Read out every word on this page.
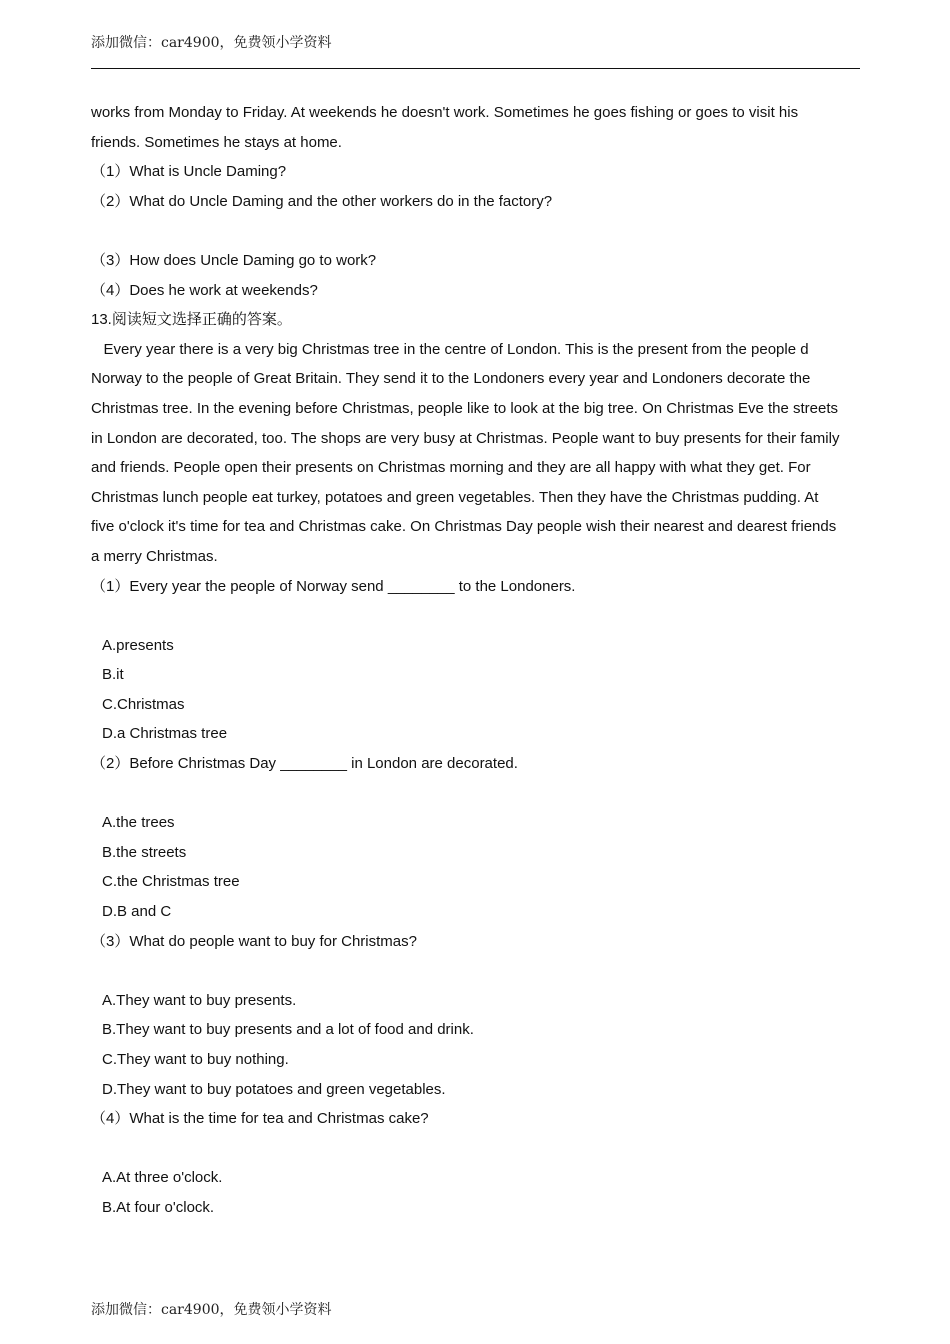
添加微信：car4900，免费领小学资料
works from Monday to Friday. At weekends he doesn't work. Sometimes he goes fishing or goes to visit his
friends. Sometimes he stays at home.
（1）What is Uncle Daming?
（2）What do Uncle Daming and the other workers do in the factory?
（3）How does Uncle Daming go to work?
（4）Does he work at weekends?
13.阅读短文选择正确的答案。
Every year there is a very big Christmas tree in the centre of London. This is the present from the people d
Norway to the people of Great Britain. They send it to the Londoners every year and Londoners decorate the
Christmas tree. In the evening before Christmas, people like to look at the big tree. On Christmas Eve the streets
in London are decorated, too. The shops are very busy at Christmas. People want to buy presents for their family
and friends. People open their presents on Christmas morning and they are all happy with what they get. For
Christmas lunch people eat turkey, potatoes and green vegetables. Then they have the Christmas pudding. At
five o'clock it's time for tea and Christmas cake. On Christmas Day people wish their nearest and dearest friends
a merry Christmas.
（1）Every year the people of Norway send ________ to the Londoners.
A.presents
B.it
C.Christmas
D.a Christmas tree
（2）Before Christmas Day ________ in London are decorated.
A.the trees
B.the streets
C.the Christmas tree
D.B and C
（3）What do people want to buy for Christmas?
A.They want to buy presents.
B.They want to buy presents and a lot of food and drink.
C.They want to buy nothing.
D.They want to buy potatoes and green vegetables.
（4）What is the time for tea and Christmas cake?
A.At three o'clock.
B.At four o'clock.
添加微信：car4900，免费领小学资料
